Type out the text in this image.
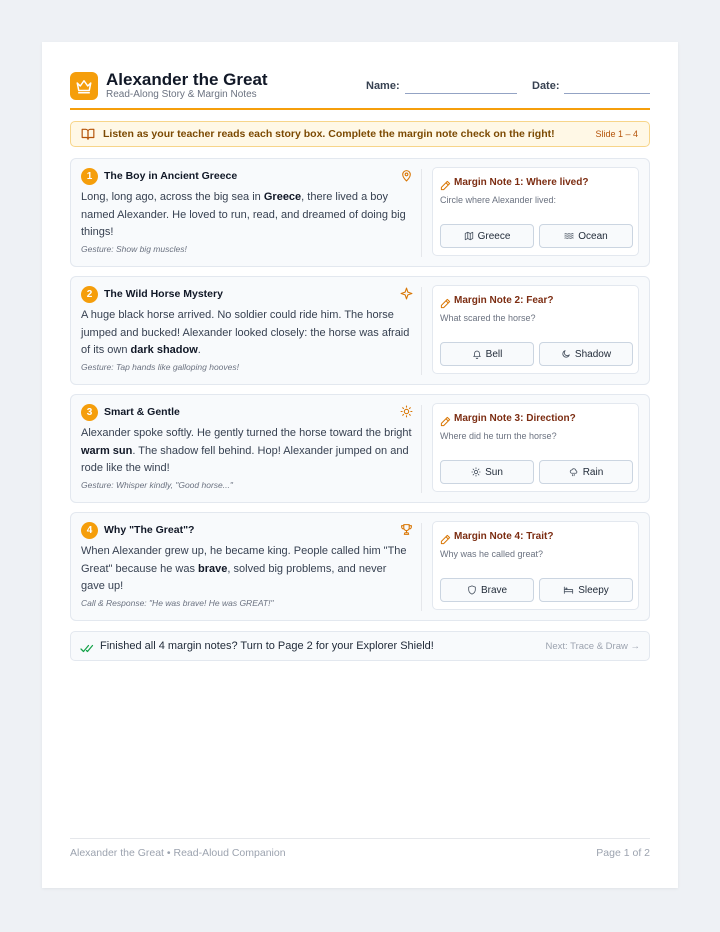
Alexander the Great
Read-Along Story & Margin Notes
Name:	Date:
Listen as your teacher reads each story box. Complete the margin note check on the right!	Slide 1 – 4
1	The Boy in Ancient Greece
Long, long ago, across the big sea in Greece, there lived a boy named Alexander. He loved to run, read, and dreamed of doing big things!
Gesture: Show big muscles!
Margin Note 1: Where lived?
Circle where Alexander lived:
Greece	Ocean
2	The Wild Horse Mystery
A huge black horse arrived. No soldier could ride him. The horse jumped and bucked! Alexander looked closely: the horse was afraid of its own dark shadow.
Gesture: Tap hands like galloping hooves!
Margin Note 2: Fear?
What scared the horse?
Bell	Shadow
3	Smart & Gentle
Alexander spoke softly. He gently turned the horse toward the bright warm sun. The shadow fell behind. Hop! Alexander jumped on and rode like the wind!
Gesture: Whisper kindly, "Good horse..."
Margin Note 3: Direction?
Where did he turn the horse?
Sun	Rain
4	Why "The Great"?
When Alexander grew up, he became king. People called him "The Great" because he was brave, solved big problems, and never gave up!
Call & Response: "He was brave! He was GREAT!"
Margin Note 4: Trait?
Why was he called great?
Brave	Sleepy
Finished all 4 margin notes? Turn to Page 2 for your Explorer Shield!	Next: Trace & Draw →
Alexander the Great • Read-Aloud Companion	Page 1 of 2
